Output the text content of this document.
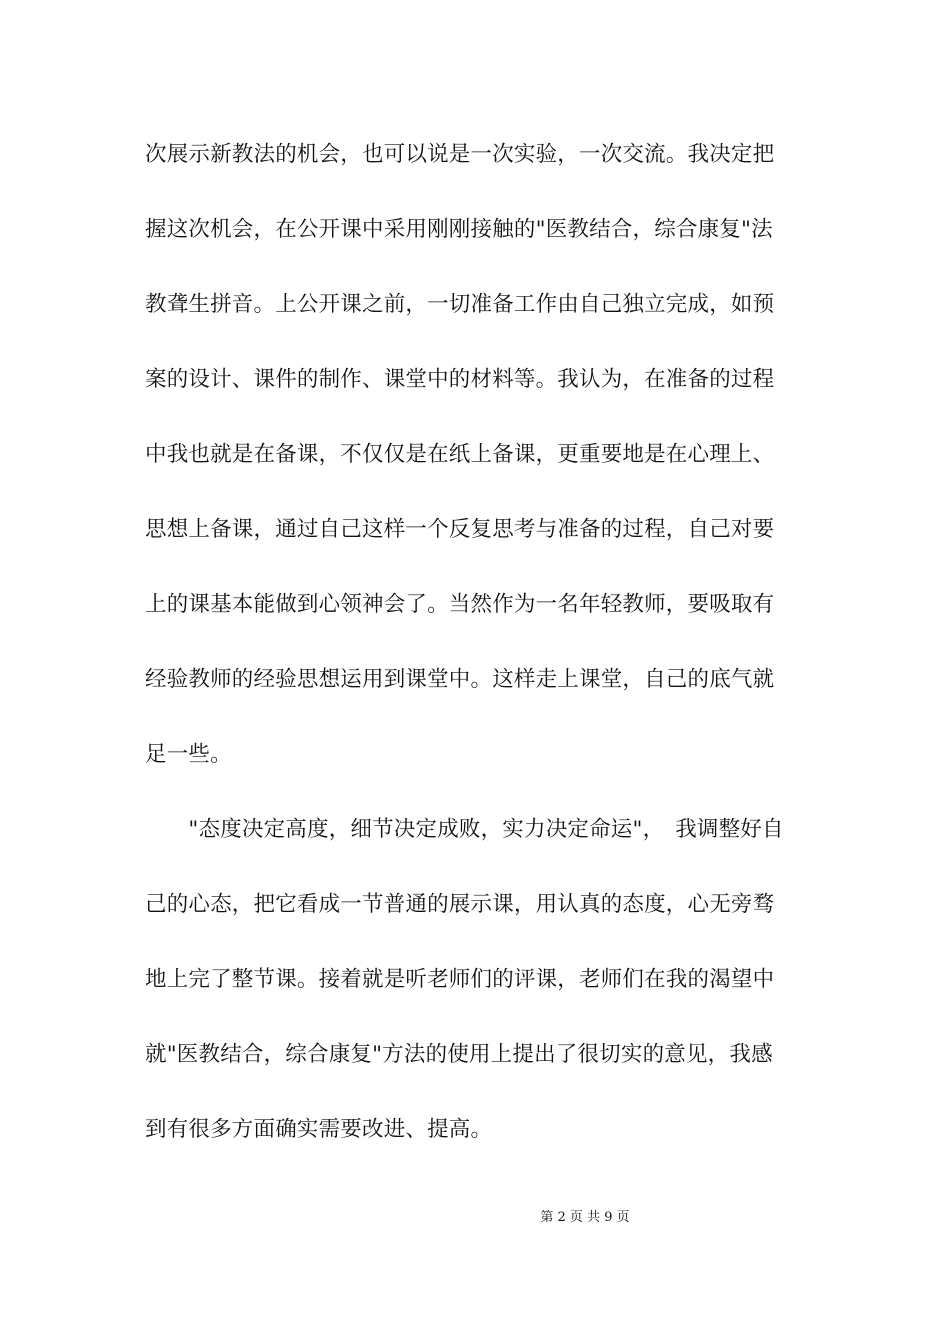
次展示新教法的机会，也可以说是一次实验，一次交流。我决定把
握这次机会，在公开课中采用刚刚接触的"医教结合，综合康复"法
教聋生拼音。上公开课之前，一切准备工作由自己独立完成，如预
案的设计、课件的制作、课堂中的材料等。我认为，在准备的过程
中我也就是在备课，不仅仅是在纸上备课，更重要地是在心理上、
思想上备课，通过自己这样一个反复思考与准备的过程，自己对要
上的课基本能做到心领神会了。当然作为一名年轻教师，要吸取有
经验教师的经验思想运用到课堂中。这样走上课堂，自己的底气就
足一些。
　　"态度决定高度，细节决定成败，实力决定命运"，　我调整好自
己的心态，把它看成一节普通的展示课，用认真的态度，心无旁骛
地上完了整节课。接着就是听老师们的评课，老师们在我的渴望中
就"医教结合，综合康复"方法的使用上提出了很切实的意见，我感
到有很多方面确实需要改进、提高。
第 2 页 共 9 页
